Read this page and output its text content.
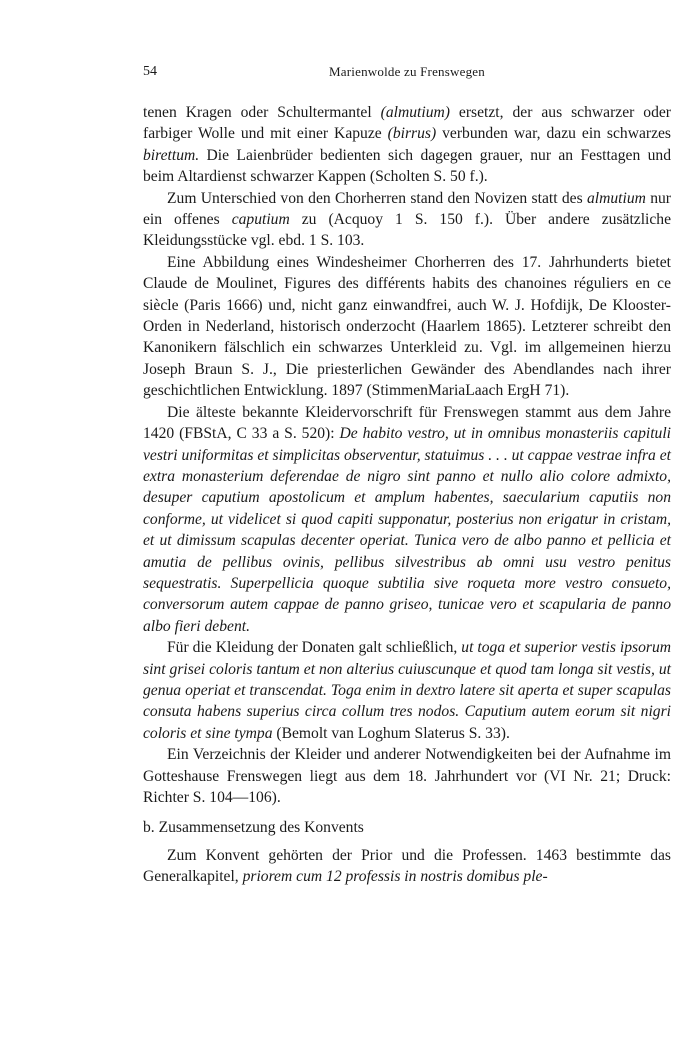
54	Marienwolde zu Frenswegen

tenen Kragen oder Schultermantel (almutium) ersetzt, der aus schwarzer oder farbiger Wolle und mit einer Kapuze (birrus) verbunden war, dazu ein schwarzes birettum. Die Laienbrüder bedienten sich dagegen grauer, nur an Festtagen und beim Altardienst schwarzer Kappen (Scholten S. 50 f.).

Zum Unterschied von den Chorherren stand den Novizen statt des almutium nur ein offenes caputium zu (Acquoy 1 S. 150 f.). Über andere zusätzliche Kleidungsstücke vgl. ebd. 1 S. 103.

Eine Abbildung eines Windesheimer Chorherren des 17. Jahrhunderts bietet Claude de Moulinet, Figures des différents habits des chanoines réguliers en ce siècle (Paris 1666) und, nicht ganz einwandfrei, auch W. J. Hofdijk, De Klooster-Orden in Nederland, historisch onderzocht (Haarlem 1865). Letzterer schreibt den Kanonikern fälschlich ein schwarzes Unterkleid zu. Vgl. im allgemeinen hierzu Joseph Braun S. J., Die priesterlichen Gewänder des Abendlandes nach ihrer geschichtlichen Entwicklung. 1897 (StimmenMariaLaach ErgH 71).

Die älteste bekannte Kleidervorschrift für Frenswegen stammt aus dem Jahre 1420 (FBStA, C 33 a S. 520): De habito vestro, ut in omnibus monasteriis capituli vestri uniformitas et simplicitas observentur, statuimus . . . ut cappae vestrae infra et extra monasterium deferendae de nigro sint panno et nullo alio colore admixto, desuper caputium apostolicum et amplum habentes, saecularium caputiis non conforme, ut videlicet si quod capiti supponatur, posterius non erigatur in cristam, et ut dimissum scapulas decenter operiat. Tunica vero de albo panno et pellicia et amutia de pellibus ovinis, pellibus silvestribus ab omni usu vestro penitus sequestratis. Superpellicia quoque subtilia sive roqueta more vestro consueto, conversorum autem cappae de panno griseo, tunicae vero et scapularia de panno albo fieri debent.

Für die Kleidung der Donaten galt schließlich, ut toga et superior vestis ipsorum sint grisei coloris tantum et non alterius cuiuscunque et quod tam longa sit vestis, ut genua operiat et transcendat. Toga enim in dextro latere sit aperta et super scapulas consuta habens superius circa collum tres nodos. Caputium autem eorum sit nigri coloris et sine tympa (Bemolt van Loghum Slaterus S. 33).

Ein Verzeichnis der Kleider und anderer Notwendigkeiten bei der Aufnahme im Gotteshause Frenswegen liegt aus dem 18. Jahrhundert vor (VI Nr. 21; Druck: Richter S. 104—106).

b. Zusammensetzung des Konvents

Zum Konvent gehörten der Prior und die Professen. 1463 bestimmte das Generalkapitel, priorem cum 12 professis in nostris domibus ple-
